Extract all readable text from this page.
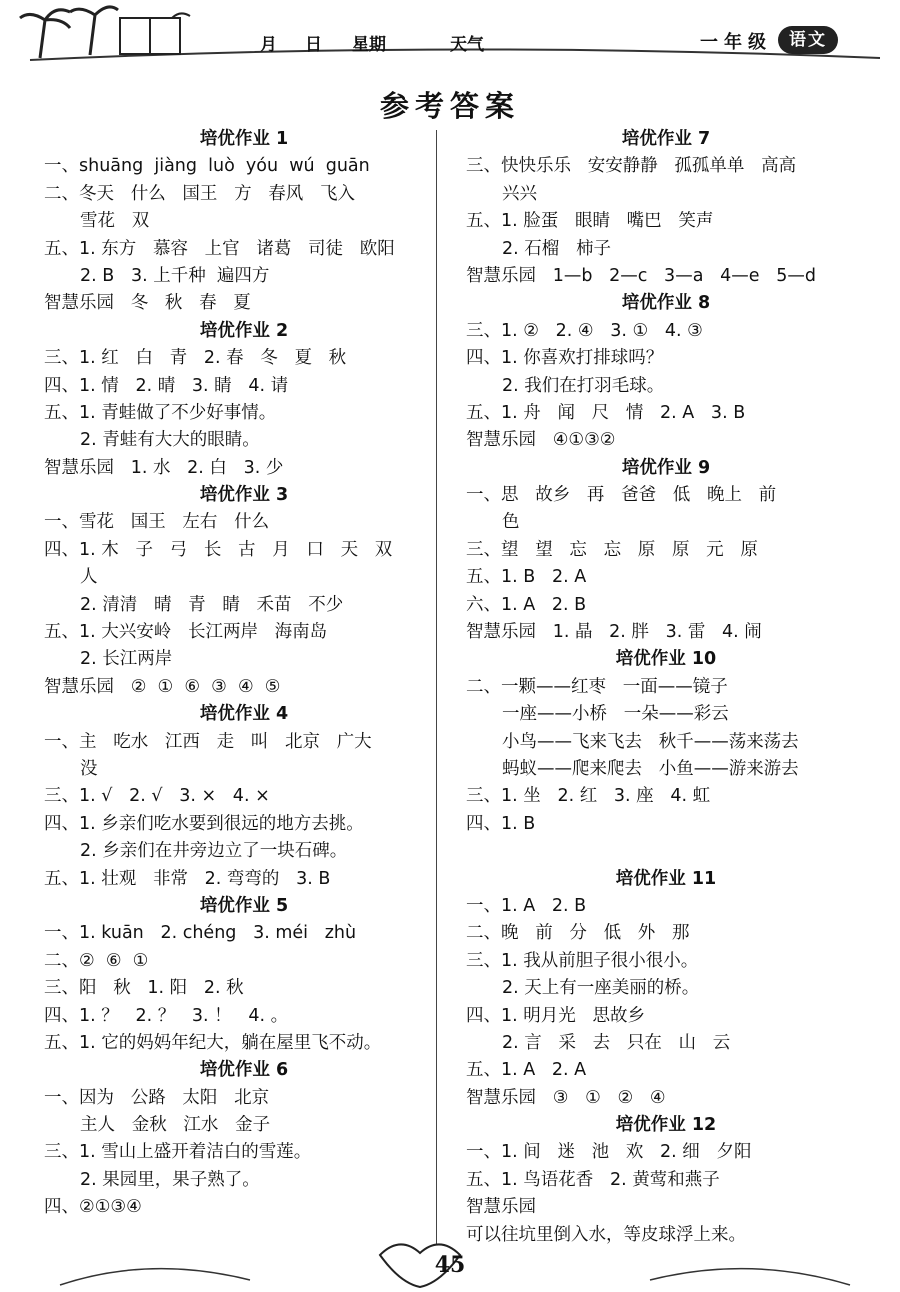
月 日 星期	天气	一年级	语文
参考答案
培优作业 1
一、shuāng  jiàng  luò  yóu  wú  guān
二、冬天   什么   国王   方   春风   飞入
雪花   双
五、1. 东方   慕容   上官   诸葛   司徒   欧阳
2. B   3. 上千种  遍四方
智慧乐园   冬   秋   春   夏
培优作业 2
三、1. 红   白   青   2. 春   冬   夏   秋
四、1. 情   2. 晴   3. 睛   4. 请
五、1. 青蛙做了不少好事情。
2. 青蛙有大大的眼睛。
智慧乐园   1. 水   2. 白   3. 少
培优作业 3
一、雪花   国王   左右   什么
四、1. 木   子   弓   长   古   月   口   天   双
人
2. 清清   晴   青   睛   禾苗   不少
五、1. 大兴安岭   长江两岸   海南岛
2. 长江两岸
智慧乐园   ②  ①  ⑥  ③  ④  ⑤
培优作业 4
一、主   吃水   江西   走   叫   北京   广大
没
三、1. √   2. √   3. ×   4. ×
四、1. 乡亲们吃水要到很远的地方去挑。
2. 乡亲们在井旁边立了一块石碑。
五、1. 壮观   非常   2. 弯弯的   3. B
培优作业 5
一、1. kuān   2. chéng   3. méi   zhù
二、②  ⑥  ①
三、阳   秋   1. 阳   2. 秋
四、1. ？   2. ？   3. ！   4. 。
五、1. 它的妈妈年纪大，躺在屋里飞不动。
培优作业 6
一、因为   公路   太阳   北京
主人   金秋   江水   金子
三、1. 雪山上盛开着洁白的雪莲。
2. 果园里，果子熟了。
四、②①③④
培优作业 7
三、快快乐乐   安安静静   孤孤单单   高高
兴兴
五、1. 脸蛋   眼睛   嘴巴   笑声
2. 石榴   柿子
智慧乐园   1—b   2—c   3—a   4—e   5—d
培优作业 8
三、1. ②   2. ④   3. ①   4. ③
四、1. 你喜欢打排球吗？
2. 我们在打羽毛球。
五、1. 舟   闻   尺   情   2. A   3. B
智慧乐园   ④①③②
培优作业 9
一、思   故乡   再   爸爸   低   晚上   前
色
三、望   望   忘   忘   原   原   元   原
五、1. B   2. A
六、1. A   2. B
智慧乐园   1. 晶   2. 胖   3. 雷   4. 闹
培优作业 10
二、一颗——红枣   一面——镜子
一座——小桥   一朵——彩云
小鸟——飞来飞去   秋千——荡来荡去
蚂蚁——爬来爬去   小鱼——游来游去
三、1. 坐   2. 红   3. 座   4. 虹
四、1. B
培优作业 11
一、1. A   2. B
二、晚   前   分   低   外   那
三、1. 我从前胆子很小很小。
2. 天上有一座美丽的桥。
四、1. 明月光   思故乡
2. 言   采   去   只在   山   云
五、1. A   2. A
智慧乐园   ③   ①   ②   ④
培优作业 12
一、1. 间   迷   池   欢   2. 细   夕阳
五、1. 鸟语花香   2. 黄莺和燕子
智慧乐园
可以往坑里倒入水，等皮球浮上来。
45
